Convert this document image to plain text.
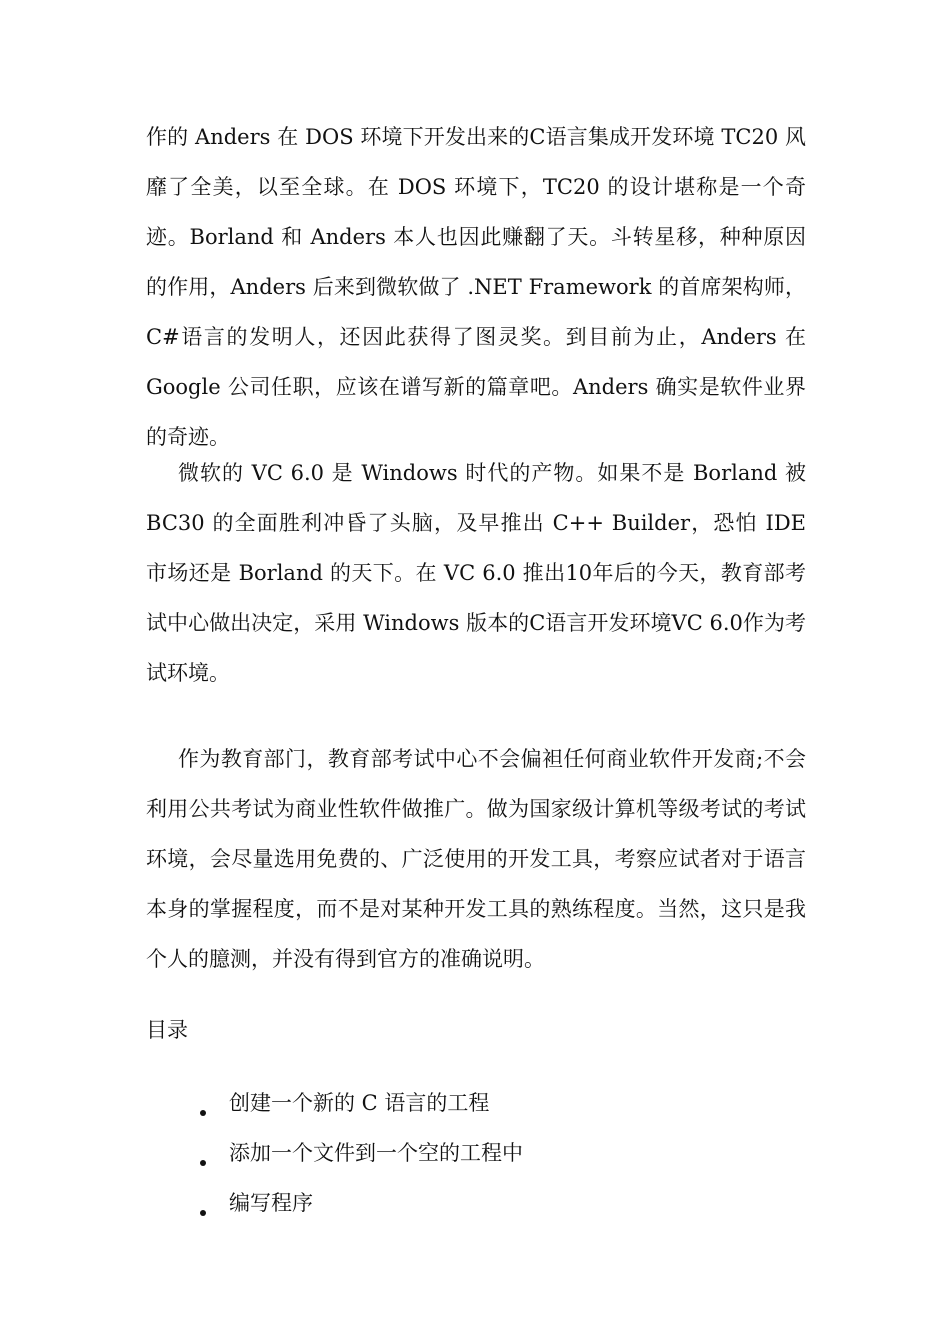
作的 Anders 在 DOS 环境下开发出来的C语言集成开发环境 TC20 风靡了全美，以至全球。在 DOS 环境下，TC20 的设计堪称是一个奇迹。Borland 和 Anders 本人也因此赚翻了天。斗转星移，种种原因的作用，Anders 后来到微软做了 .NET Framework 的首席架构师，C#语言的发明人，还因此获得了图灵奖。到目前为止，Anders 在 Google 公司任职，应该在谱写新的篇章吧。Anders 确实是软件业界的奇迹。

微软的 VC 6.0 是 Windows 时代的产物。如果不是 Borland 被 BC30 的全面胜利冲昏了头脑，及早推出 C++ Builder，恐怕 IDE 市场还是 Borland 的天下。在 VC 6.0 推出10年后的今天，教育部考试中心做出决定，采用 Windows 版本的C语言开发环境VC 6.0作为考试环境。

作为教育部门，教育部考试中心不会偏袒任何商业软件开发商;不会利用公共考试为商业性软件做推广。做为国家级计算机等级考试的考试环境，会尽量选用免费的、广泛使用的开发工具，考察应试者对于语言本身的掌握程度，而不是对某种开发工具的熟练程度。当然，这只是我个人的臆测，并没有得到官方的准确说明。

目录

创建一个新的 C 语言的工程
添加一个文件到一个空的工程中
编写程序
